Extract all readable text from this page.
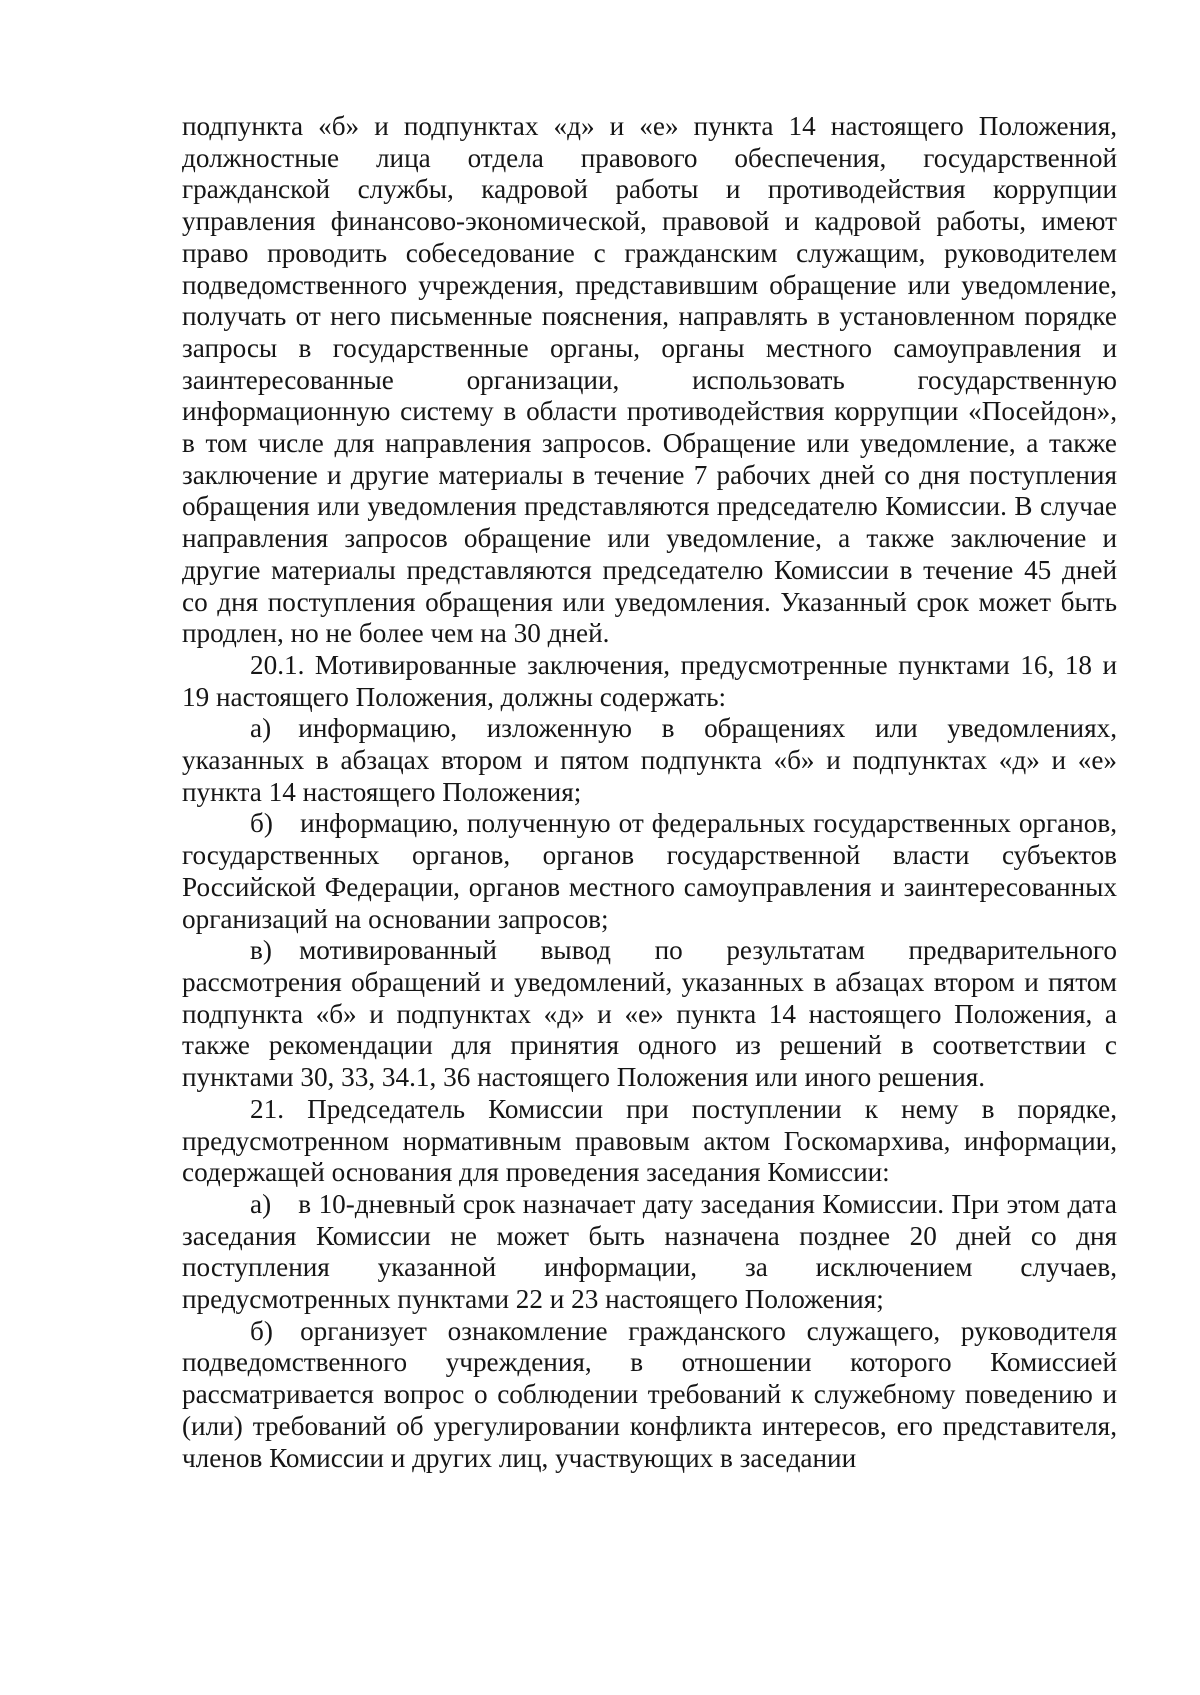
подпункта «б» и подпунктах «д» и «е» пункта 14 настоящего Положения, должностные лица отдела правового обеспечения, государственной гражданской службы, кадровой работы и противодействия коррупции управления финансово-экономической, правовой и кадровой работы, имеют право проводить собеседование с гражданским служащим, руководителем подведомственного учреждения, представившим обращение или уведомление, получать от него письменные пояснения, направлять в установленном порядке запросы в государственные органы, органы местного самоуправления и заинтересованные организации, использовать государственную информационную систему в области противодействия коррупции «Посейдон», в том числе для направления запросов. Обращение или уведомление, а также заключение и другие материалы в течение 7 рабочих дней со дня поступления обращения или уведомления представляются председателю Комиссии. В случае направления запросов обращение или уведомление, а также заключение и другие материалы представляются председателю Комиссии в течение 45 дней со дня поступления обращения или уведомления. Указанный срок может быть продлен, но не более чем на 30 дней.

20.1. Мотивированные заключения, предусмотренные пунктами 16, 18 и 19 настоящего Положения, должны содержать:

а) информацию, изложенную в обращениях или уведомлениях, указанных в абзацах втором и пятом подпункта «б» и подпунктах «д» и «е» пункта 14 настоящего Положения;

б) информацию, полученную от федеральных государственных органов, государственных органов, органов государственной власти субъектов Российской Федерации, органов местного самоуправления и заинтересованных организаций на основании запросов;

в) мотивированный вывод по результатам предварительного рассмотрения обращений и уведомлений, указанных в абзацах втором и пятом подпункта «б» и подпунктах «д» и «е» пункта 14 настоящего Положения, а также рекомендации для принятия одного из решений в соответствии с пунктами 30, 33, 34.1, 36 настоящего Положения или иного решения.

21. Председатель Комиссии при поступлении к нему в порядке, предусмотренном нормативным правовым актом Госкомархива, информации, содержащей основания для проведения заседания Комиссии:

а) в 10-дневный срок назначает дату заседания Комиссии. При этом дата заседания Комиссии не может быть назначена позднее 20 дней со дня поступления указанной информации, за исключением случаев, предусмотренных пунктами 22 и 23 настоящего Положения;

б) организует ознакомление гражданского служащего, руководителя подведомственного учреждения, в отношении которого Комиссией рассматривается вопрос о соблюдении требований к служебному поведению и (или) требований об урегулировании конфликта интересов, его представителя, членов Комиссии и других лиц, участвующих в заседании
